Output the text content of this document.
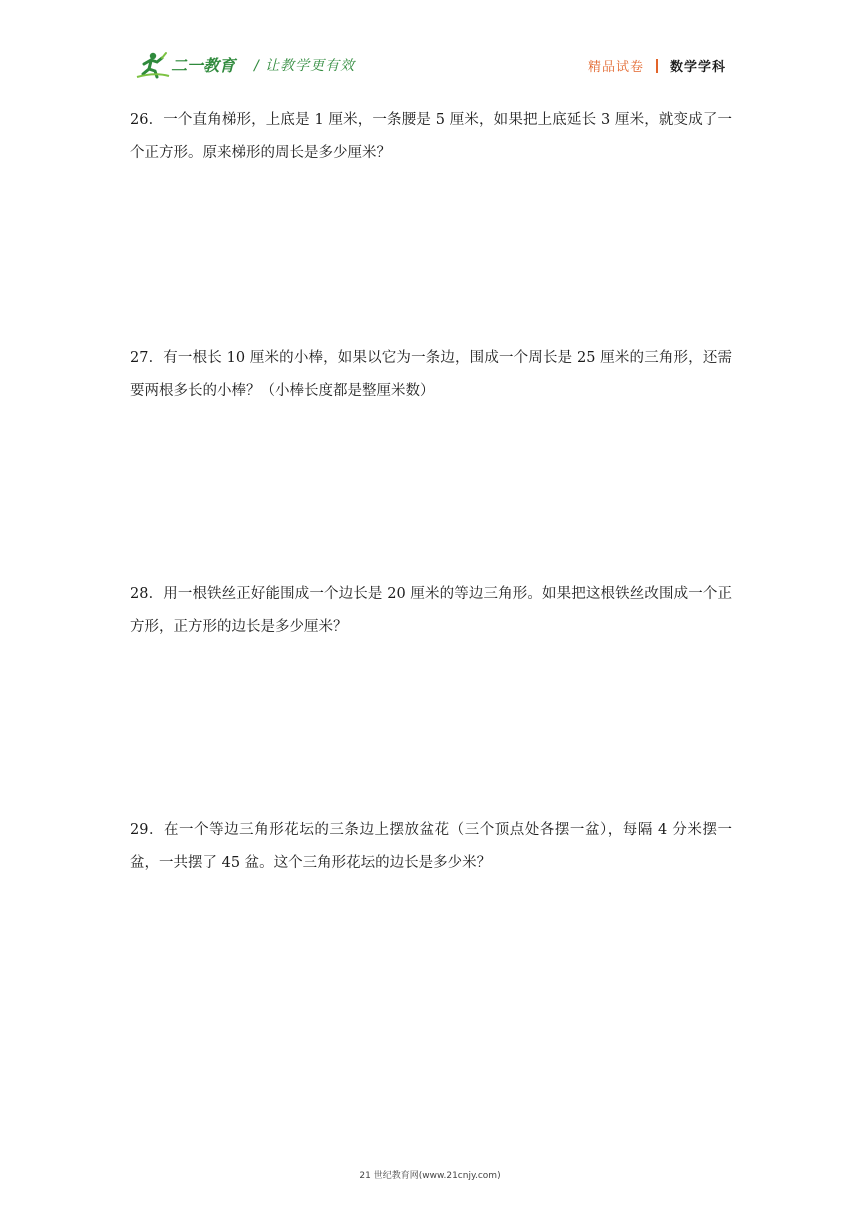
二一教育 / 让教学更有效	精品试卷 数学学科
26．一个直角梯形，上底是 1 厘米，一条腰是 5 厘米，如果把上底延长 3 厘米，就变成了一个正方形。原来梯形的周长是多少厘米？
27．有一根长 10 厘米的小棒，如果以它为一条边，围成一个周长是 25 厘米的三角形，还需要两根多长的小棒？（小棒长度都是整厘米数）
28．用一根铁丝正好能围成一个边长是 20 厘米的等边三角形。如果把这根铁丝改围成一个正方形，正方形的边长是多少厘米？
29．在一个等边三角形花坛的三条边上摆放盆花（三个顶点处各摆一盆），每隔 4 分米摆一盆，一共摆了 45 盆。这个三角形花坛的边长是多少米？
21 世纪教育网(www.21cnjy.com)
